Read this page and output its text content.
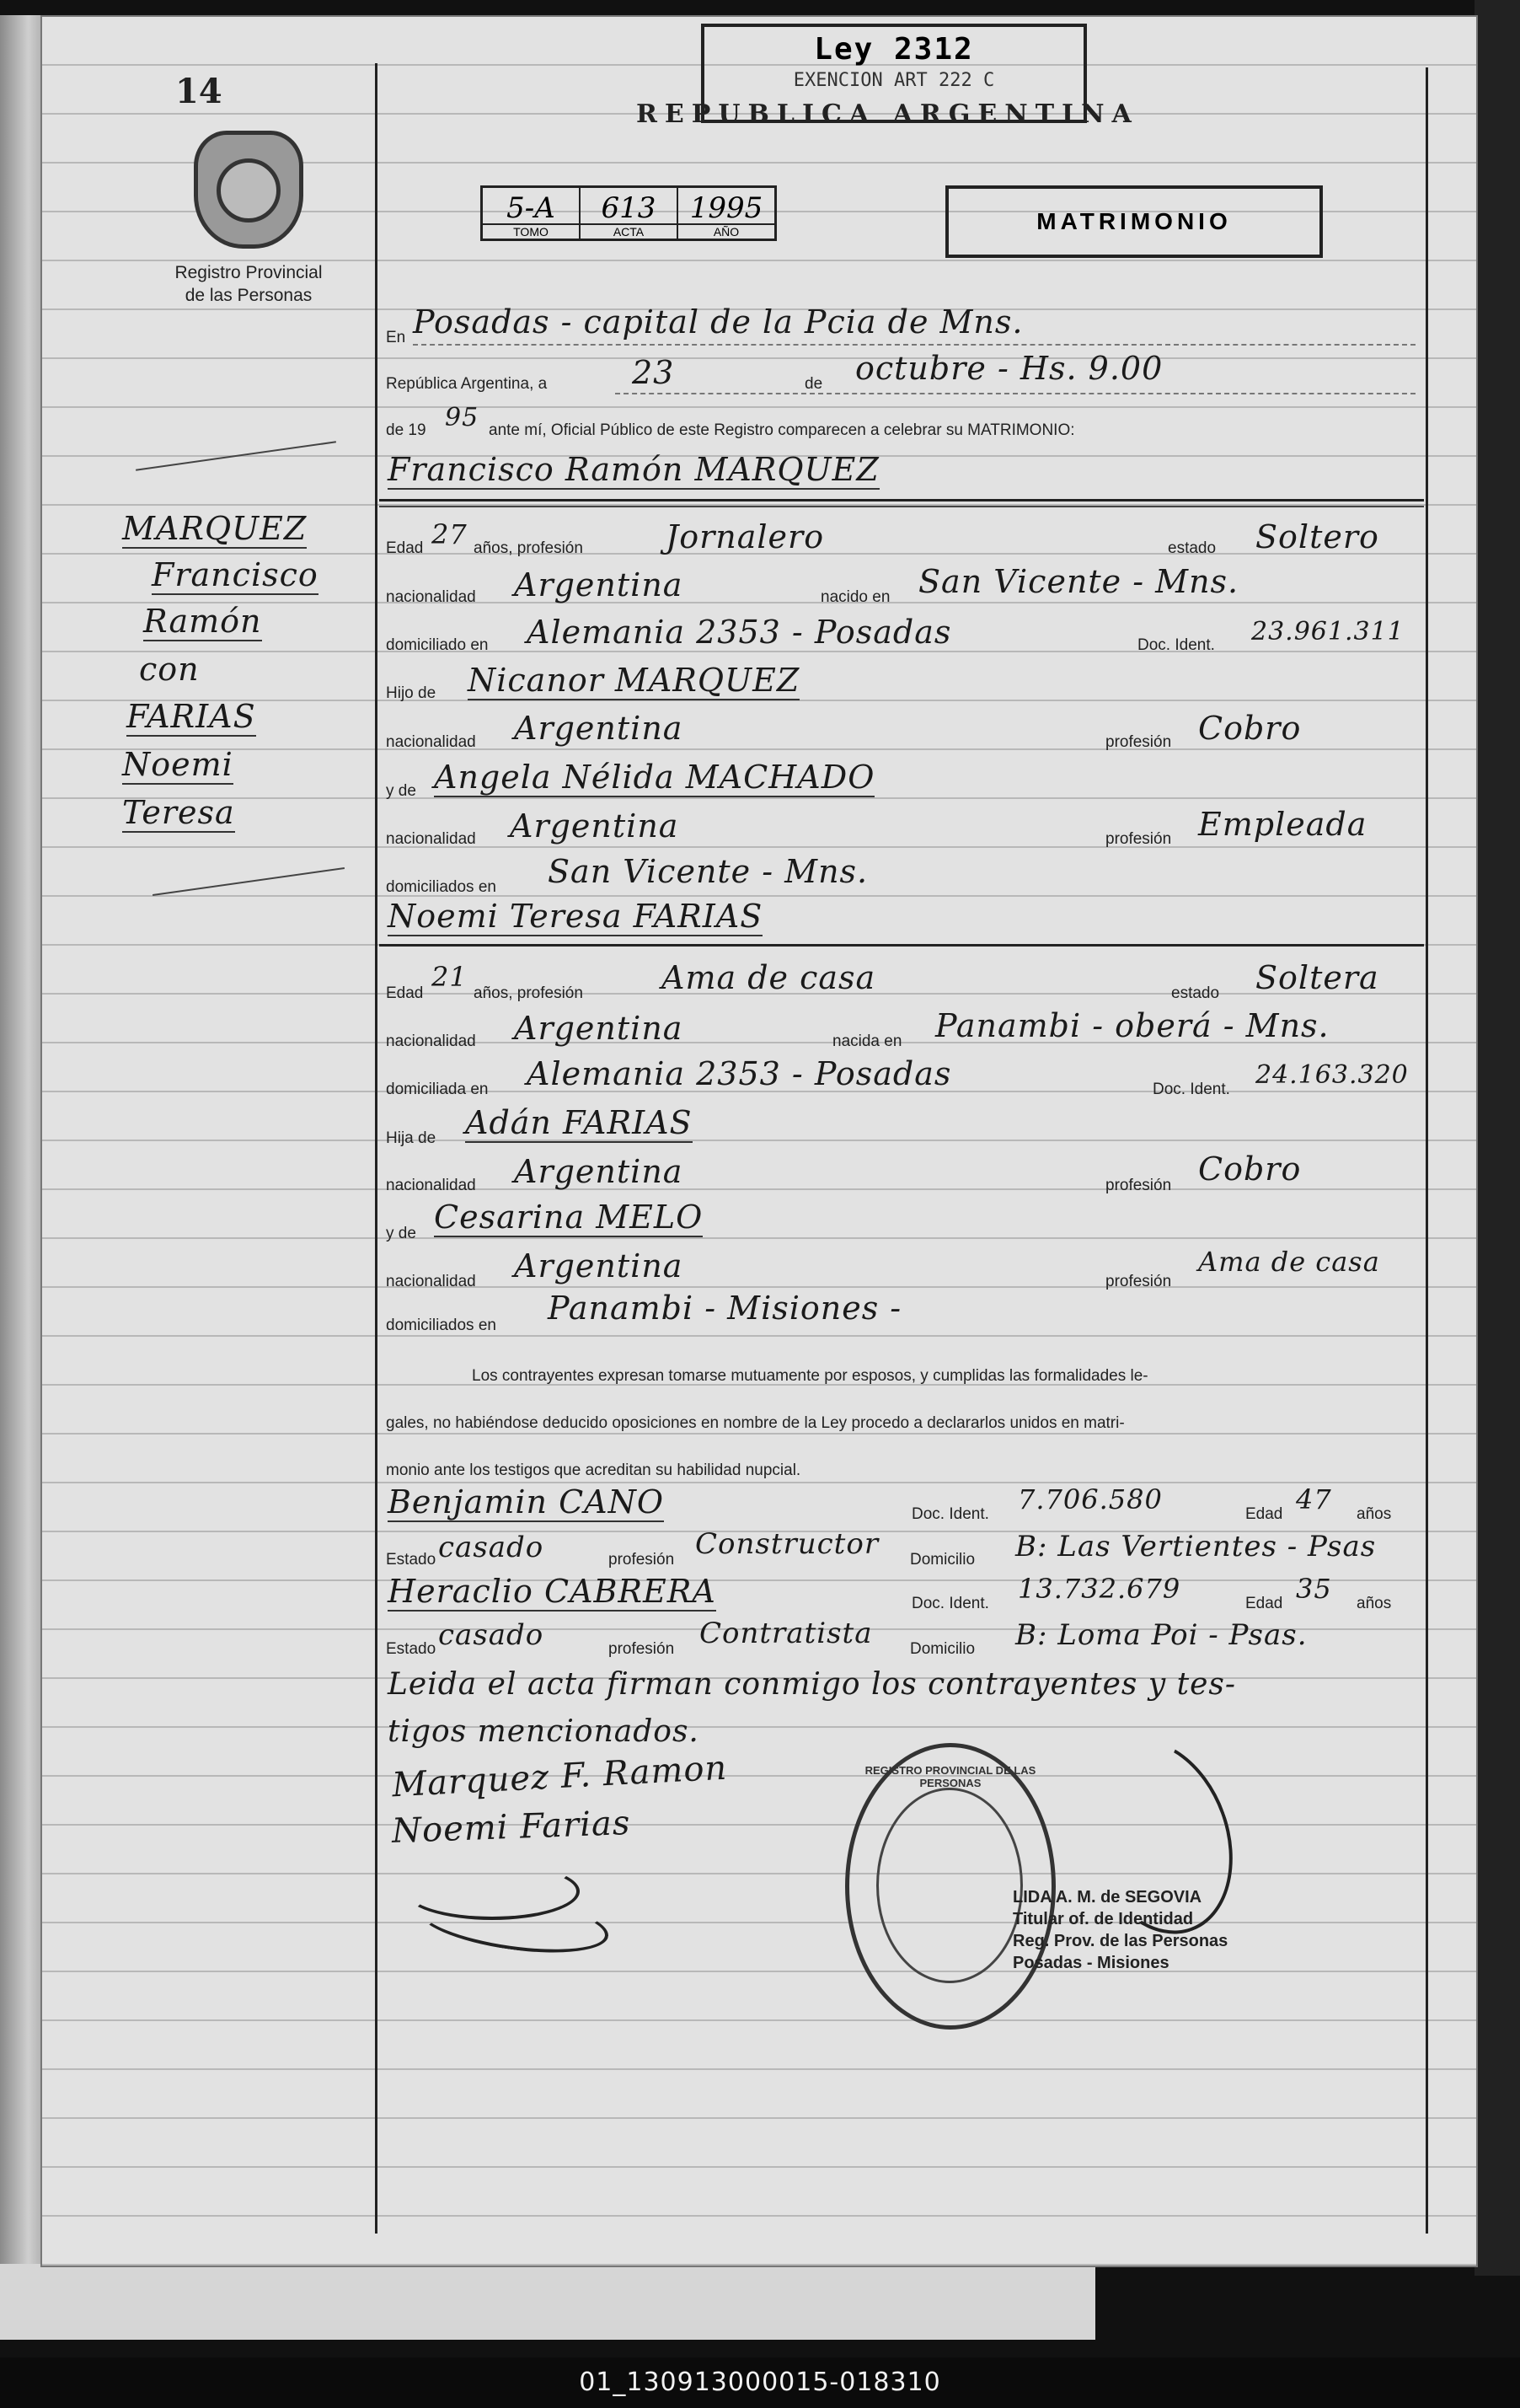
14
Registro Provincial
de las Personas
Ley 2312
EXENCION ART 222 C
REPUBLICA ARGENTINA
5-A
TOMO
613
ACTA
1995
AÑO	MATRIMONIO
MARQUEZ
Francisco
Ramón
con
FARIAS
Noemi
Teresa
En Posadas - capital de la Pcia de Mns.
República Argentina, a	23	de octubre - Hs. 9.00
de 19 95 ante mí, Oficial Público de este Registro comparecen a celebrar su MATRIMONIO:
Francisco Ramón MARQUEZ
Edad 27 años, profesión	Jornalero	estado Soltero
nacionalidad Argentina	nacido en San Vicente - Mns.
domiciliado en Alemania 2353 - Posadas	Doc. Ident. 23.961.311
Hijo de Nicanor MARQUEZ
nacionalidad Argentina	profesión Cobro
y de Angela Nélida MACHADO
nacionalidad Argentina	profesión Empleada
domiciliados en San Vicente - Mns.
Noemi Teresa FARIAS
Edad
21
años, profesión Ama de casa	estado Soltera
nacionalidad Argentina	nacida en Panambi - oberá - Mns.
domiciliada en Alemania 2353 - Posadas	Doc. Ident. 24.163.320
Hija de Adán FARIAS
nacionalidad Argentina	profesión Cobro
y de Cesarina MELO
nacionalidad Argentina	profesión
Ama de casa
domiciliados en Panambi - Misiones -
Los contrayentes expresan tomarse mutuamente por esposos, y cumplidas las formalidades le-
gales, no habiéndose deducido oposiciones en nombre de la Ley procedo a declararlos unidos en matri-
monio ante los testigos que acreditan su habilidad nupcial.
Benjamin CANO	Doc. Ident. 7.706.580	Edad 47 años
Estado casado	profesión Constructor Domicilio B: Las Vertientes - Psas
Heraclio CABRERA	Doc. Ident. 13.732.679	Edad 35 años
Estado casado	profesión Contratista Domicilio B: Loma Poi - Psas.
Leida el acta firman conmigo los contrayentes y tes-
tigos mencionados.
Marquez F. Ramon
Noemi Farias
REGISTRO PROVINCIAL DE LAS PERSONAS
LIDA A. M. de SEGOVIA
Titular of. de Identidad
Reg. Prov. de las Personas
Posadas - Misiones
01_130913000015-018310
